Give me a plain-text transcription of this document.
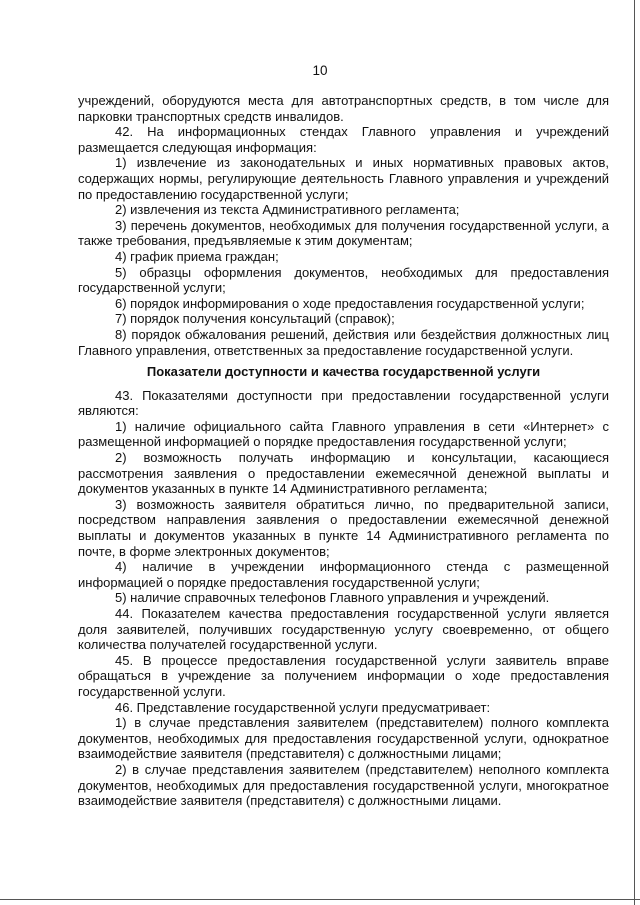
10

учреждений, оборудуются места для автотранспортных средств, в том числе для парковки транспортных средств инвалидов.

42. На информационных стендах Главного управления и учреждений размещается следующая информация:

1) извлечение из законодательных и иных нормативных правовых актов, содержащих нормы, регулирующие деятельность Главного управления и учреждений по предоставлению государственной услуги;

2) извлечения из текста Административного регламента;

3) перечень документов, необходимых для получения государственной услуги, а также требования, предъявляемые к этим документам;

4) график приема граждан;

5) образцы оформления документов, необходимых для предоставления государственной услуги;

6) порядок информирования о ходе предоставления государственной услуги;

7) порядок получения консультаций (справок);

8) порядок обжалования решений, действия или бездействия должностных лиц Главного управления, ответственных за предоставление государственной услуги.

Показатели доступности и качества государственной услуги

43. Показателями доступности при предоставлении государственной услуги являются:

1) наличие официального сайта Главного управления в сети «Интернет» с размещенной информацией о порядке предоставления государственной услуги;

2) возможность получать информацию и консультации, касающиеся рассмотрения заявления о предоставлении ежемесячной денежной выплаты и документов указанных в пункте 14 Административного регламента;

3) возможность заявителя обратиться лично, по предварительной записи, посредством направления заявления о предоставлении ежемесячной денежной выплаты и документов указанных в пункте 14 Административного регламента по почте, в форме электронных документов;

4) наличие в учреждении информационного стенда с размещенной информацией о порядке предоставления государственной услуги;

5) наличие справочных телефонов Главного управления и учреждений.

44. Показателем качества предоставления государственной услуги является доля заявителей, получивших государственную услугу своевременно, от общего количества получателей государственной услуги.

45. В процессе предоставления государственной услуги заявитель вправе обращаться в учреждение за получением информации о ходе предоставления государственной услуги.

46. Представление государственной услуги предусматривает:

1) в случае представления заявителем (представителем) полного комплекта документов, необходимых для предоставления государственной услуги, однократное взаимодействие заявителя (представителя) с должностными лицами;

2) в случае представления заявителем (представителем) неполного комплекта документов, необходимых для предоставления государственной услуги, многократное взаимодействие заявителя (представителя) с должностными лицами.
